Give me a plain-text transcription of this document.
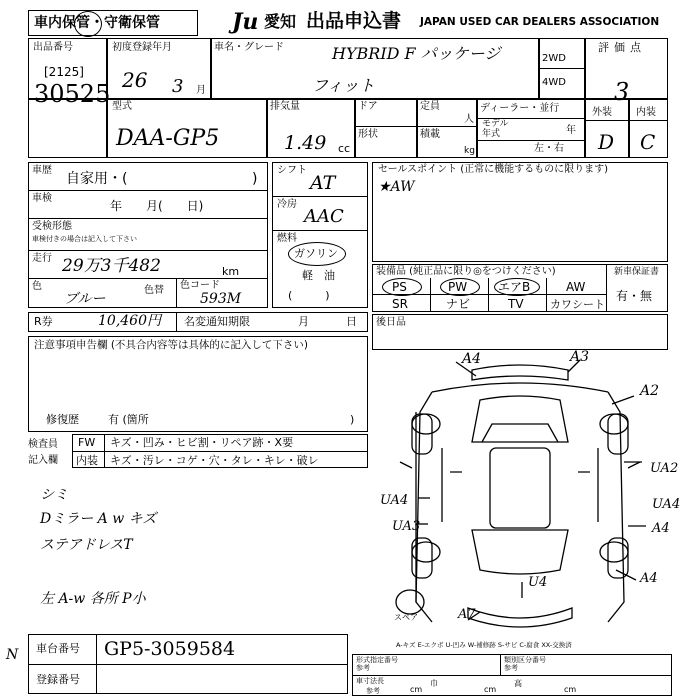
車内保管・守衛保管	Ju 愛知 出品申込書 JAPAN USED CAR DEALERS ASSOCIATION
出品番号
[2125]
30525
初度登録年月
26 3 月
車名・グレード	HYBRID F パッケージ
フィット
2WD
4WD
評価点
3
型式
DAA-GP5
排気量
1.49 cc
ドア
形状
定員
人
積載
kg
ディーラー・並行
モデル
年式	年
左・右
外装 内装
D C
車歴
自家用・(	)
車検
年　　月(　　日)
受検形態
車検付きの場合は記入して下さい
走行 29万3千482	km
色
ブルー
色替 色コード
593M
シフト
AT
冷房
AAC
燃料
ガソリン
軽　油
(　　　)
セールスポイント (正常に機能するものに限ります)
★AW
装備品 (純正品に限り◎をつけください)
PS	PW	エアB	AW
SR	ナビ	TV カワシート
新車保証書
有・無
R券	10,460円 名変通知期限	月	日 後日品
注意事項申告欄 (不具合内容等は具体的に記入して下さい)
修復歴	有 (箇所	)
検査員
記入欄
FW キズ・凹み・ヒビ割・リペア跡・X要
内装 キズ・汚レ・コゲ・穴・タレ・キレ・破レ
シミ
Dミラー A w キズ
ステアドレスT
左 A-w 各所 P小
A4	A3
A2
UA2
UA4
A4
UA3
UA4
A4
U4
A7
スペア
A-キズ E-エクボ U-凹み W-補修跡 S-サビ C-腐食 XX-交換済
車台番号 GP5-3059584
登録番号
N	形式指定番号
参考
類別区分番号
参考
車寸法長
参考	cm
巾
cm
高
cm
